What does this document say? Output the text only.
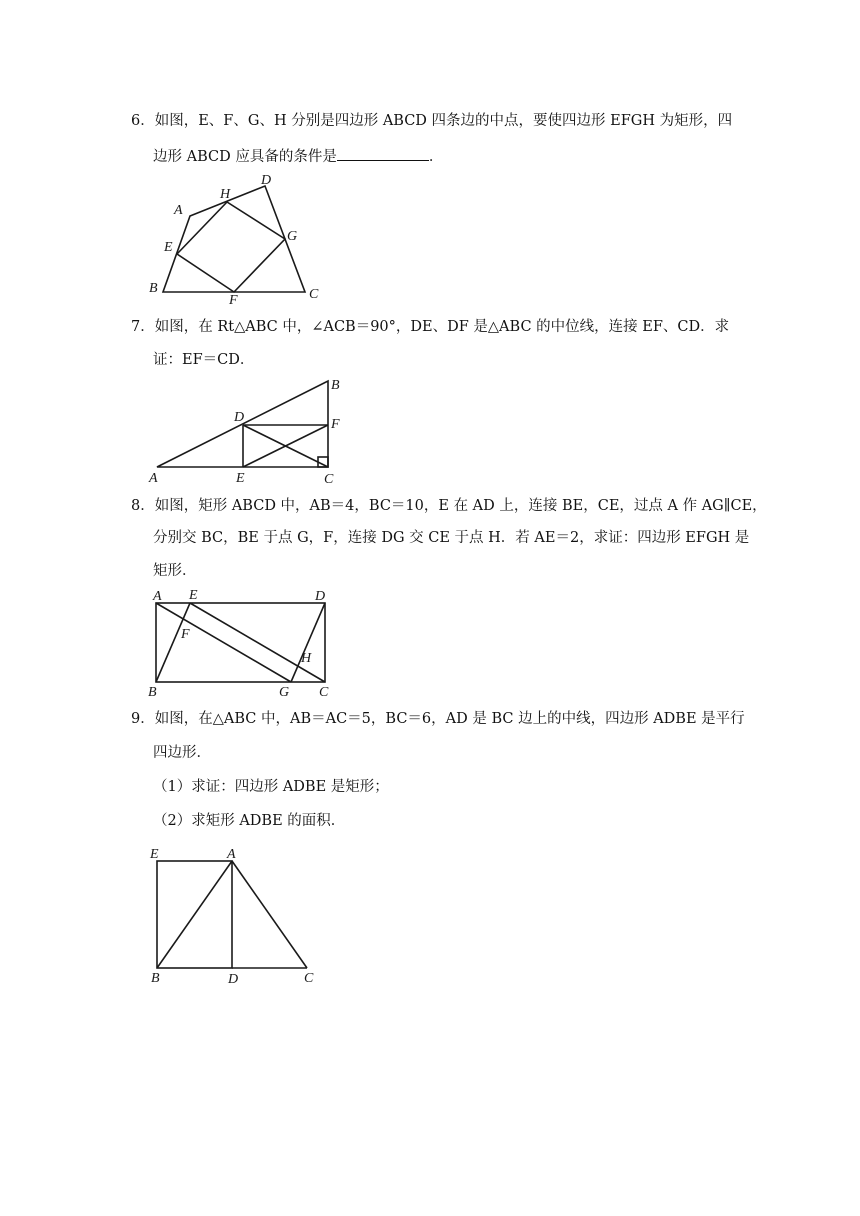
6．如图，E、F、G、H 分别是四边形 ABCD 四条边的中点，要使四边形 EFGH 为矩形，四
边形 ABCD 应具备的条件是	．
A
B	C
D
E
F
G
H
7．如图，在 Rt△ABC 中，∠ACB＝90°，DE、DF 是△ABC 的中位线，连接 EF、CD．求
证：EF＝CD．
A
B
C
D
E
F
8．如图，矩形 ABCD 中，AB＝4，BC＝10，E 在 AD 上，连接 BE，CE，过点 A 作 AG∥CE，
分别交 BC，BE 于点 G，F，连接 DG 交 CE 于点 H．若 AE＝2，求证：四边形 EFGH 是
矩形．
A
B	C
D
E
F
G
H
9．如图，在△ABC 中，AB＝AC＝5，BC＝6，AD 是 BC 边上的中线，四边形 ADBE 是平行
四边形．
（1）求证：四边形 ADBE 是矩形；
（2）求矩形 ADBE 的面积．
A
B	C
D
E
